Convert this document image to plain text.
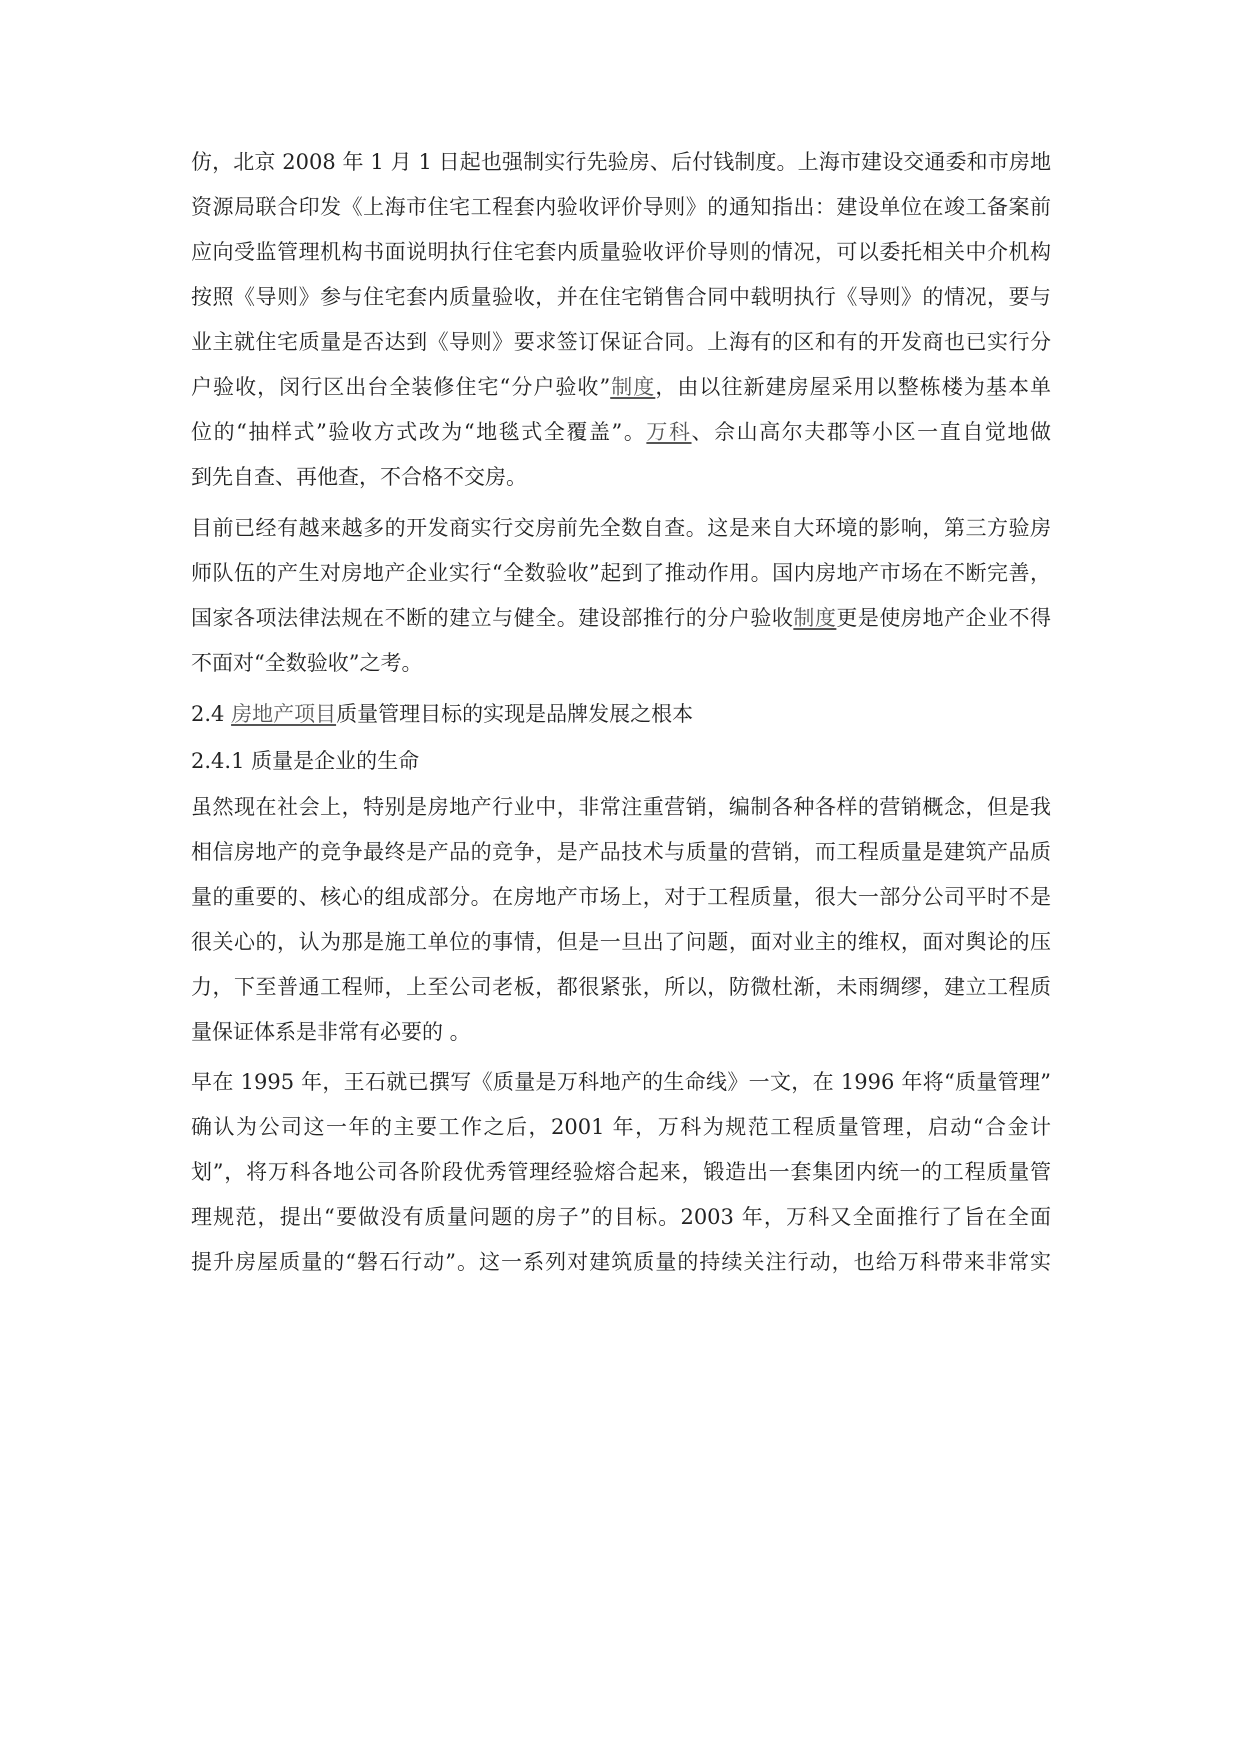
仿，北京 2008 年 1 月 1 日起也强制实行先验房、后付钱制度。上海市建设交通委和市房地

资源局联合印发《上海市住宅工程套内验收评价导则》的通知指出：建设单位在竣工备案前

应向受监管理机构书面说明执行住宅套内质量验收评价导则的情况，可以委托相关中介机构

按照《导则》参与住宅套内质量验收，并在住宅销售合同中载明执行《导则》的情况，要与

业主就住宅质量是否达到《导则》要求签订保证合同。上海有的区和有的开发商也已实行分

户验收，闵行区出台全装修住宅“分户验收”制度，由以往新建房屋采用以整栋楼为基本单

位的“抽样式”验收方式改为“地毯式全覆盖”。万科、佘山高尔夫郡等小区一直自觉地做

到先自查、再他查，不合格不交房。

目前已经有越来越多的开发商实行交房前先全数自查。这是来自大环境的影响，第三方验房

师队伍的产生对房地产企业实行“全数验收”起到了推动作用。国内房地产市场在不断完善，

国家各项法律法规在不断的建立与健全。建设部推行的分户验收制度更是使房地产企业不得

不面对“全数验收”之考。

2.4 房地产项目质量管理目标的实现是品牌发展之根本

2.4.1 质量是企业的生命

虽然现在社会上，特别是房地产行业中，非常注重营销，编制各种各样的营销概念，但是我

相信房地产的竞争最终是产品的竞争，是产品技术与质量的营销，而工程质量是建筑产品质

量的重要的、核心的组成部分。在房地产市场上，对于工程质量，很大一部分公司平时不是

很关心的，认为那是施工单位的事情，但是一旦出了问题，面对业主的维权，面对舆论的压

力，下至普通工程师，上至公司老板，都很紧张，所以，防微杜渐，未雨绸缪，建立工程质

量保证体系是非常有必要的 。

早在 1995 年，王石就已撰写《质量是万科地产的生命线》一文，在 1996 年将“质量管理”

确认为公司这一年的主要工作之后，2001 年，万科为规范工程质量管理，启动“合金计

划”，将万科各地公司各阶段优秀管理经验熔合起来，锻造出一套集团内统一的工程质量管

理规范，提出“要做没有质量问题的房子”的目标。2003 年，万科又全面推行了旨在全面

提升房屋质量的“磐石行动”。这一系列对建筑质量的持续关注行动，也给万科带来非常实
